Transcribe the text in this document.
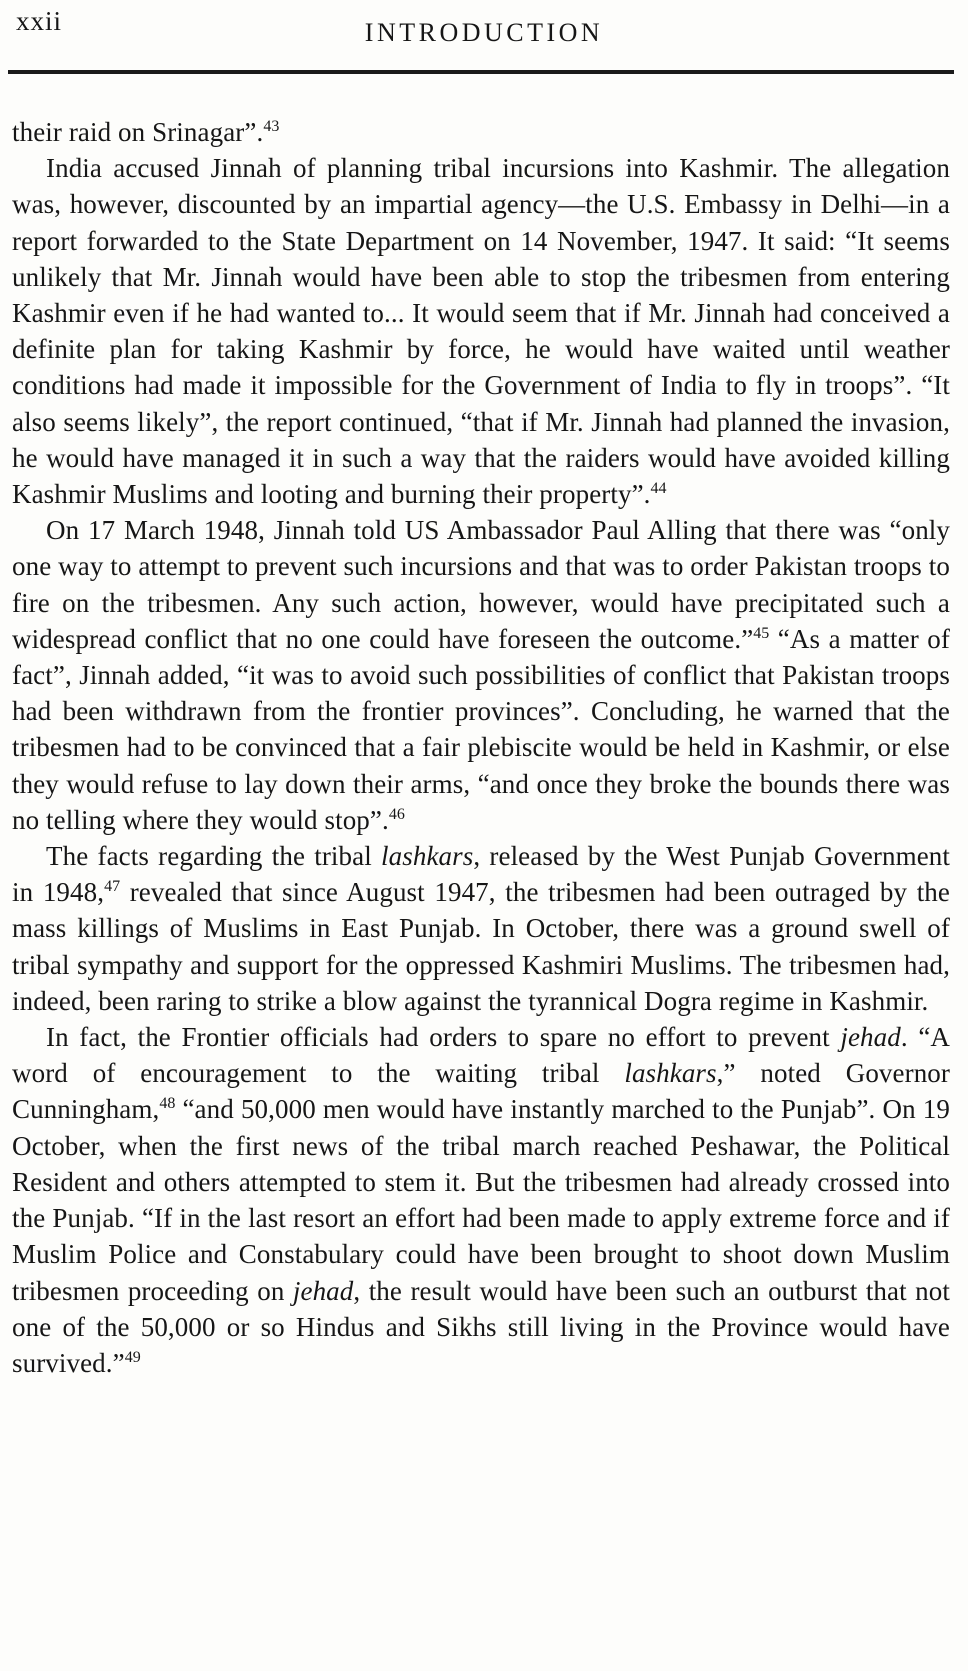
xxii	INTRODUCTION

their raid on Srinagar”.$^{43}$

India accused Jinnah of planning tribal incursions into Kashmir. The allegation was, however, discounted by an impartial agency—the U.S. Embassy in Delhi—in a report forwarded to the State Department on 14 November, 1947. It said: “It seems unlikely that Mr. Jinnah would have been able to stop the tribesmen from entering Kashmir even if he had wanted to... It would seem that if Mr. Jinnah had conceived a definite plan for taking Kashmir by force, he would have waited until weather conditions had made it impossible for the Government of India to fly in troops”. “It also seems likely”, the report continued, “that if Mr. Jinnah had planned the invasion, he would have managed it in such a way that the raiders would have avoided killing Kashmir Muslims and looting and burning their property”.$^{44}$

On 17 March 1948, Jinnah told US Ambassador Paul Alling that there was “only one way to attempt to prevent such incursions and that was to order Pakistan troops to fire on the tribesmen. Any such action, however, would have precipitated such a widespread conflict that no one could have foreseen the outcome.”$^{45}$ “As a matter of fact”, Jinnah added, “it was to avoid such possibilities of conflict that Pakistan troops had been withdrawn from the frontier provinces”. Concluding, he warned that the tribesmen had to be convinced that a fair plebiscite would be held in Kashmir, or else they would refuse to lay down their arms, “and once they broke the bounds there was no telling where they would stop”.$^{46}$

The facts regarding the tribal lashkars, released by the West Punjab Government in 1948,47 revealed that since August 1947, the tribesmen had been outraged by the mass killings of Muslims in East Punjab. In October, there was a ground swell of tribal sympathy and support for the oppressed Kashmiri Muslims. The tribesmen had, indeed, been raring to strike a blow against the tyrannical Dogra regime in Kashmir.

In fact, the Frontier officials had orders to spare no effort to prevent jehad. “A word of encouragement to the waiting tribal lashkars,” noted Governor Cunningham,$^{48}$ “and 50,000 men would have instantly marched to the Punjab”. On 19 October, when the first news of the tribal march reached Peshawar, the Political Resident and others attempted to stem it. But the tribesmen had already crossed into the Punjab. “If in the last resort an effort had been made to apply extreme force and if Muslim Police and Constabulary could have been brought to shoot down Muslim tribesmen proceeding on jehad, the result would have been such an outburst that not one of the 50,000 or so Hindus and Sikhs still living in the Province would have survived.”$^{49}$
